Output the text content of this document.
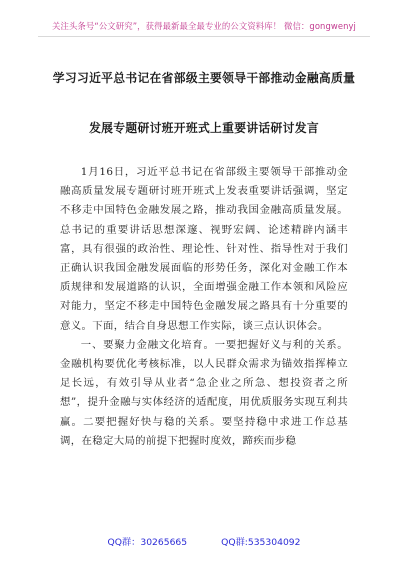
关注头条号“公文研究”，获得最新最全最专业的公文资料库！ 微信：gongwenyj
学习习近平总书记在省部级主要领导干部推动金融高质量
发展专题研讨班开班式上重要讲话研讨发言

1月16日，习近平总书记在省部级主要领导干部推动金融高质量发展专题研讨班开班式上发表重要讲话强调，坚定不移走中国特色金融发展之路，推动我国金融高质量发展。总书记的重要讲话思想深邃、视野宏阔、论述精辟内涵丰富，具有很强的政治性、理论性、针对性、指导性对于我们正确认识我国金融发展面临的形势任务，深化对金融工作本质规律和发展道路的认识，全面增强金融工作本领和风险应对能力，坚定不移走中国特色金融发展之路具有十分重要的意义。下面，结合自身思想工作实际，谈三点认识体会。

一、要聚力金融文化培育。一要把握好义与利的关系。金融机构要优化考核标准，以人民群众需求为锚效指挥棒立足长远，有效引导从业者“急企业之所急、想投资者之所想”，提升金融与实体经济的适配度，用优质服务实现互利共赢。二要把握好快与稳的关系。要坚持稳中求进工作总基调，在稳定大局的前提下把握时度效，蹄疾而步稳

QQ群：30265665	QQ群:535304092
